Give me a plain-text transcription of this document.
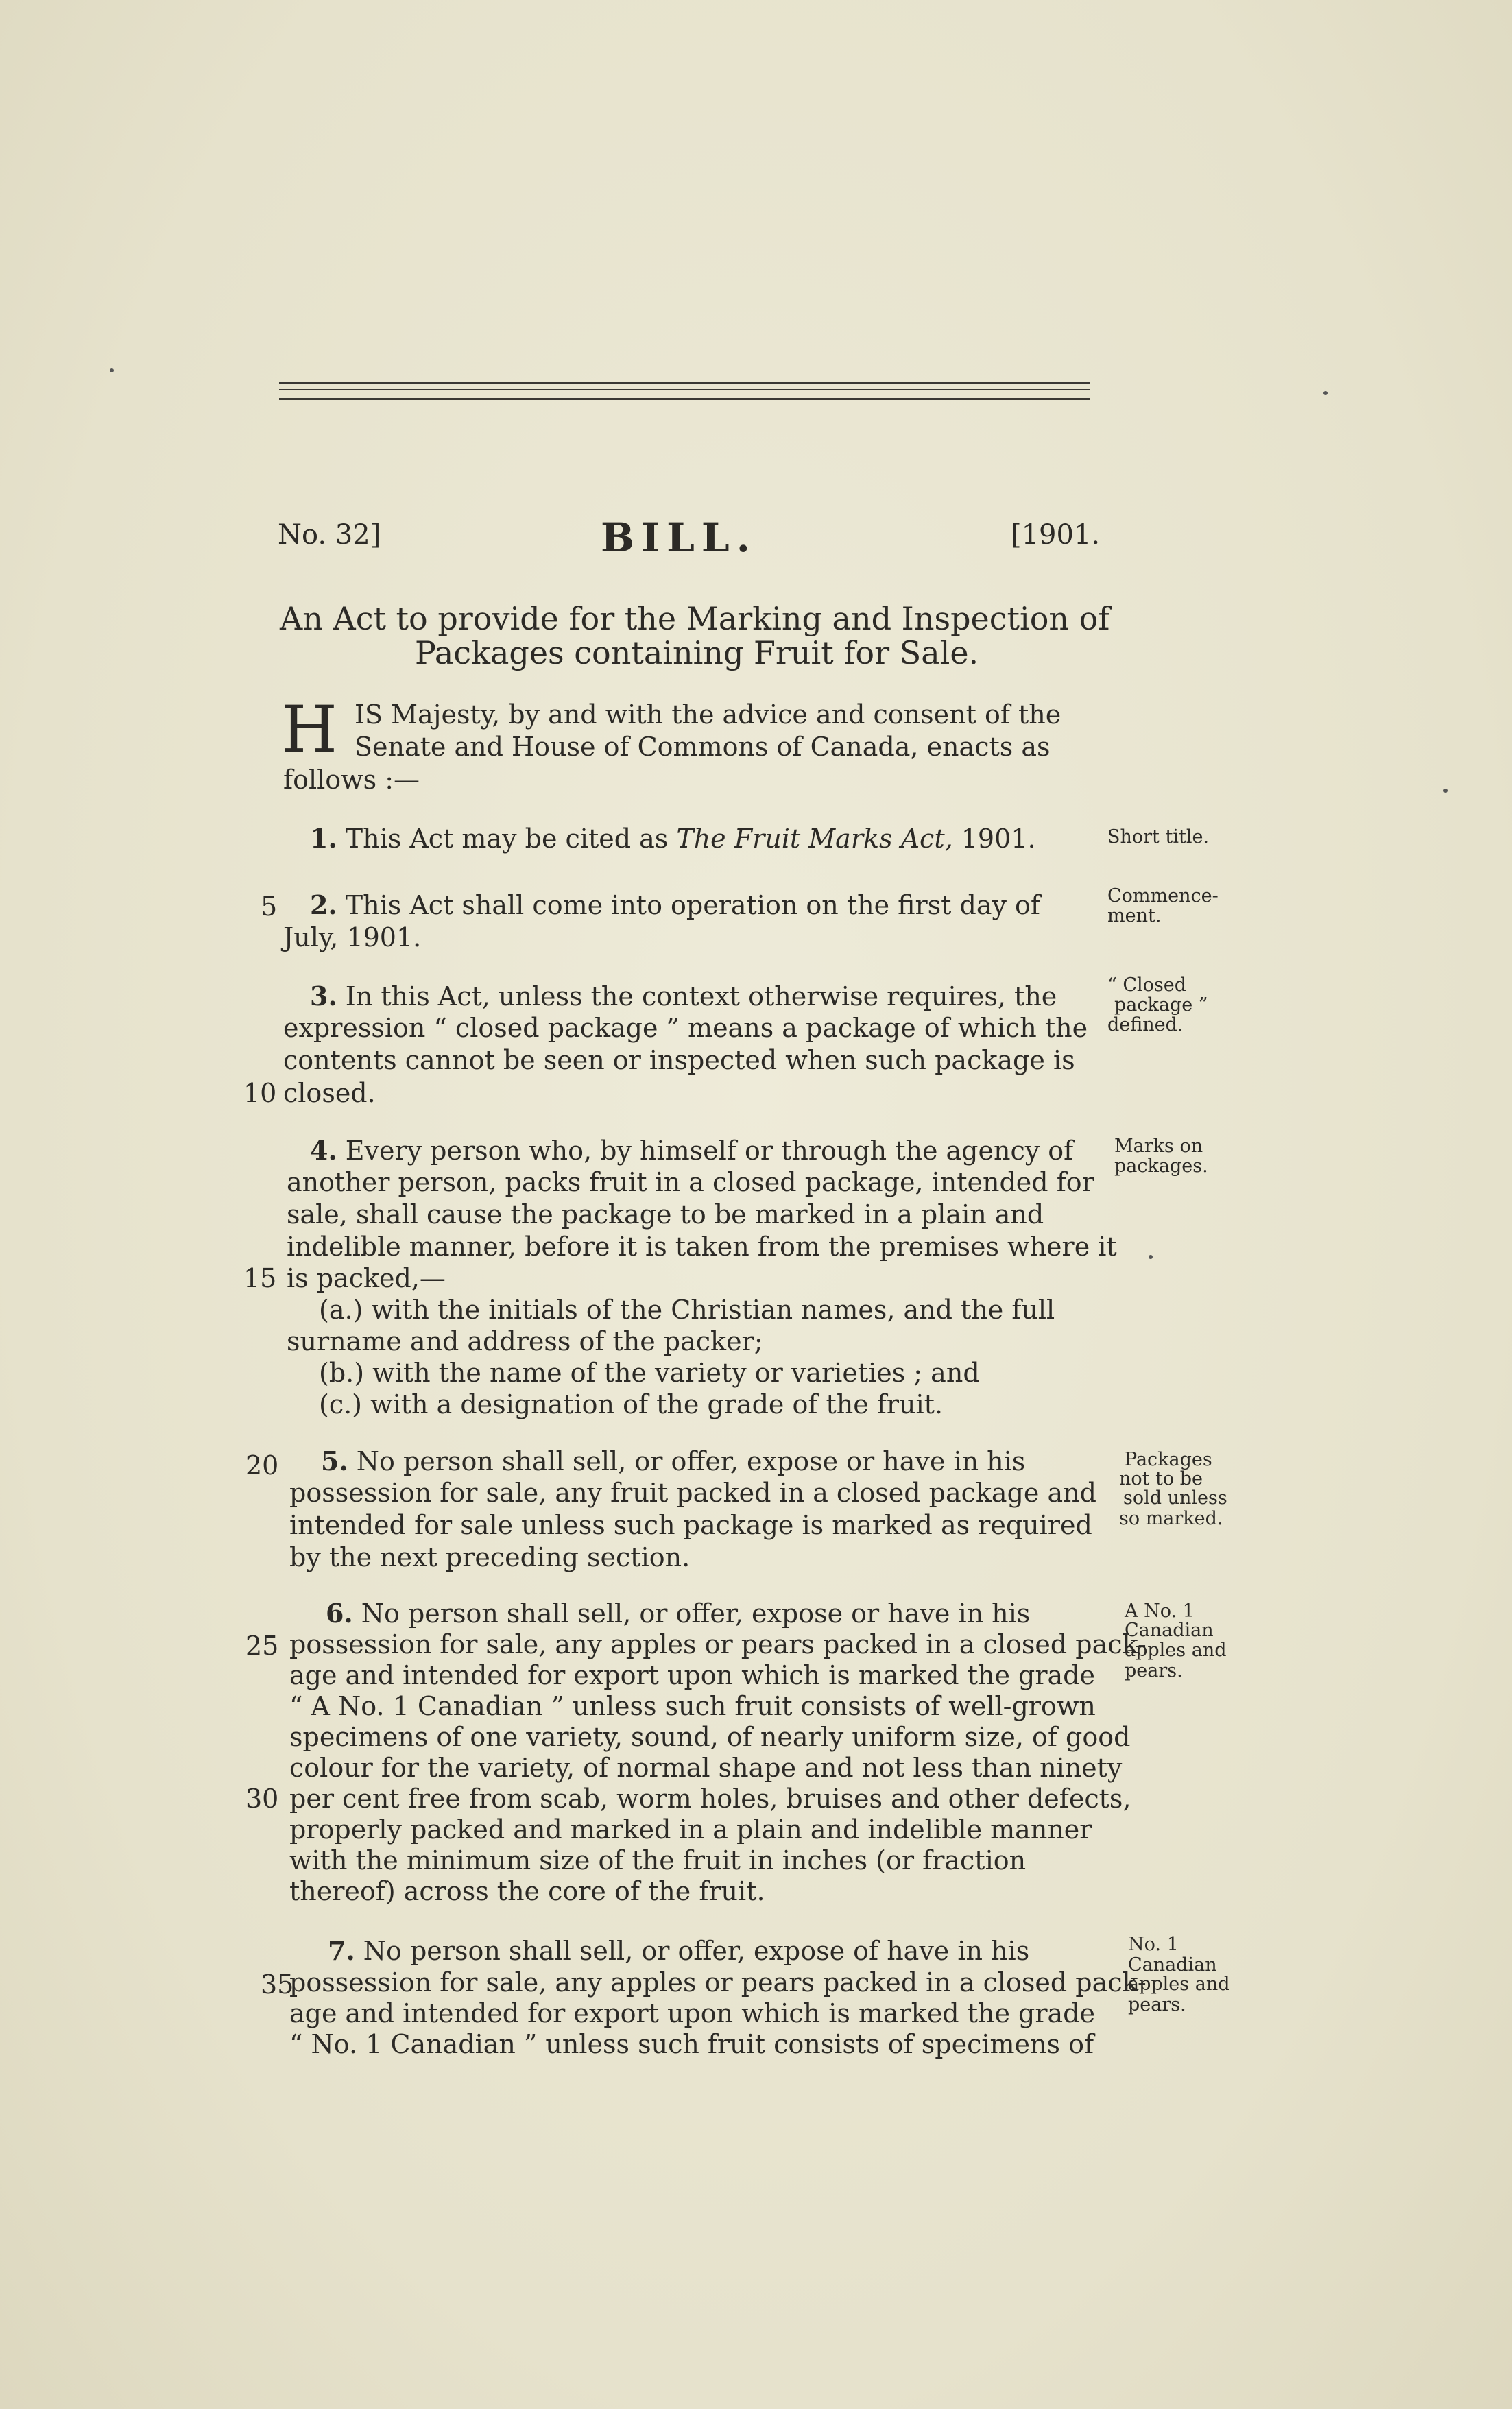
No. 32]	BILL.	[1901.
An Act to provide for the Marking and Inspection of
Packages containing Fruit for Sale.
H IS Majesty, by and with the advice and consent of the
Senate and House of Commons of Canada, enacts as
follows :—
1. This Act may be cited as The Fruit Marks Act, 1901.	Short title.
5 2. This Act shall come into operation on the first day of
July, 1901.
Commence-
ment.
3. In this Act, unless the context otherwise requires, the
expression “ closed package ” means a package of which the
contents cannot be seen or inspected when such package is
10 closed.
“ Closed
package ”
defined.
4. Every person who, by himself or through the agency of
another person, packs fruit in a closed package, intended for
sale, shall cause the package to be marked in a plain and
indelible manner, before it is taken from the premises where it
15 is packed,—
(a.) with the initials of the Christian names, and the full
surname and address of the packer;
(b.) with the name of the variety or varieties ; and
(c.) with a designation of the grade of the fruit.
Marks on
packages.
20 5. No person shall sell, or offer, expose or have in his
possession for sale, any fruit packed in a closed package and
intended for sale unless such package is marked as required
by the next preceding section.
Packages
not to be
sold unless
so marked.
6. No person shall sell, or offer, expose or have in his
25 possession for sale, any apples or pears packed in a closed pack-
age and intended for export upon which is marked the grade
“ A No. 1 Canadian ” unless such fruit consists of well-grown
specimens of one variety, sound, of nearly uniform size, of good
colour for the variety, of normal shape and not less than ninety
30 per cent free from scab, worm holes, bruises and other defects,
properly packed and marked in a plain and indelible manner
with the minimum size of the fruit in inches (or fraction
thereof) across the core of the fruit.
A No. 1
Canadian
apples and
pears.
7. No person shall sell, or offer, expose of have in his
35
possession for sale, any apples or pears packed in a closed pack-
age and intended for export upon which is marked the grade
“ No. 1 Canadian ” unless such fruit consists of specimens of
No. 1
Canadian
apples and
pears.
